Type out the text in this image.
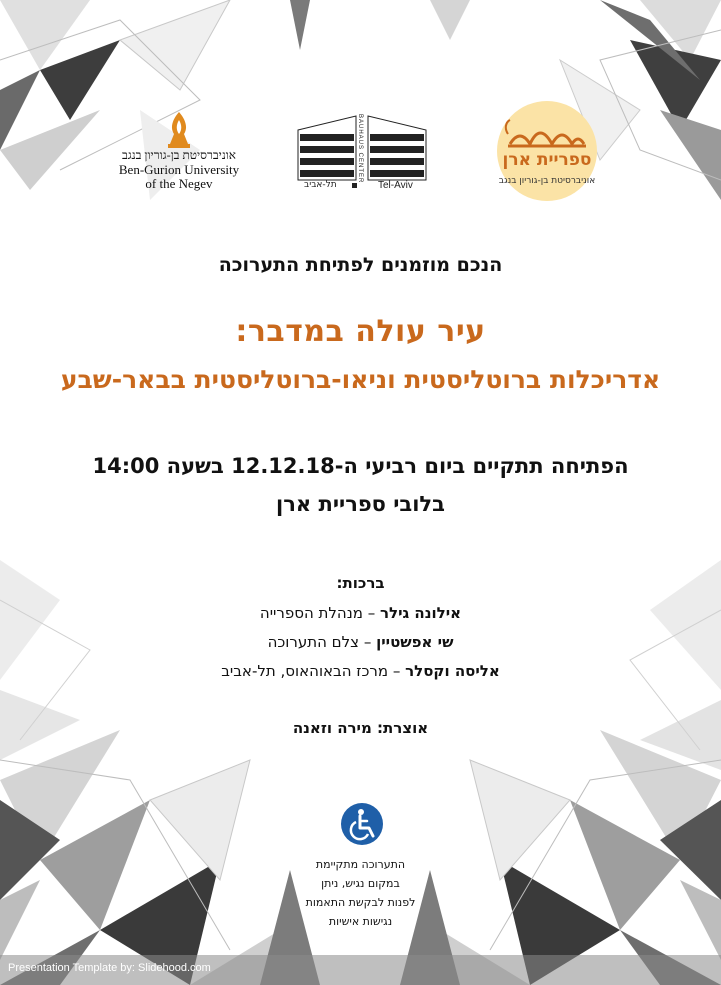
אוניברסיטת בן-גוריון בנגב
Ben-Gurion University
of the Negev
BAUHAUS CENTER
תל-אביב	Tel-Aviv
ספריית ארן
אוניברסיטת בן-גוריון בנגב
הנכם מוזמנים לפתיחת התערוכה
עיר עולה במדבר:
אדריכלות ברוטליסטית וניאו-ברוטליסטית בבאר-שבע
הפתיחה תתקיים ביום רביעי ה-12.12.18 בשעה 14:00
בלובי ספריית ארן
ברכות:
אילונה גילר – מנהלת הספרייה
שי אפשטיין – צלם התערוכה
אליסה וקסלר – מרכז הבאוהאוס, תל-אביב
אוצרת: מירה וזאנה
התערוכה מתקיימת
במקום נגיש, ניתן
לפנות לבקשת התאמות
נגישות אישיות
Presentation Template by: Slidehood.com
